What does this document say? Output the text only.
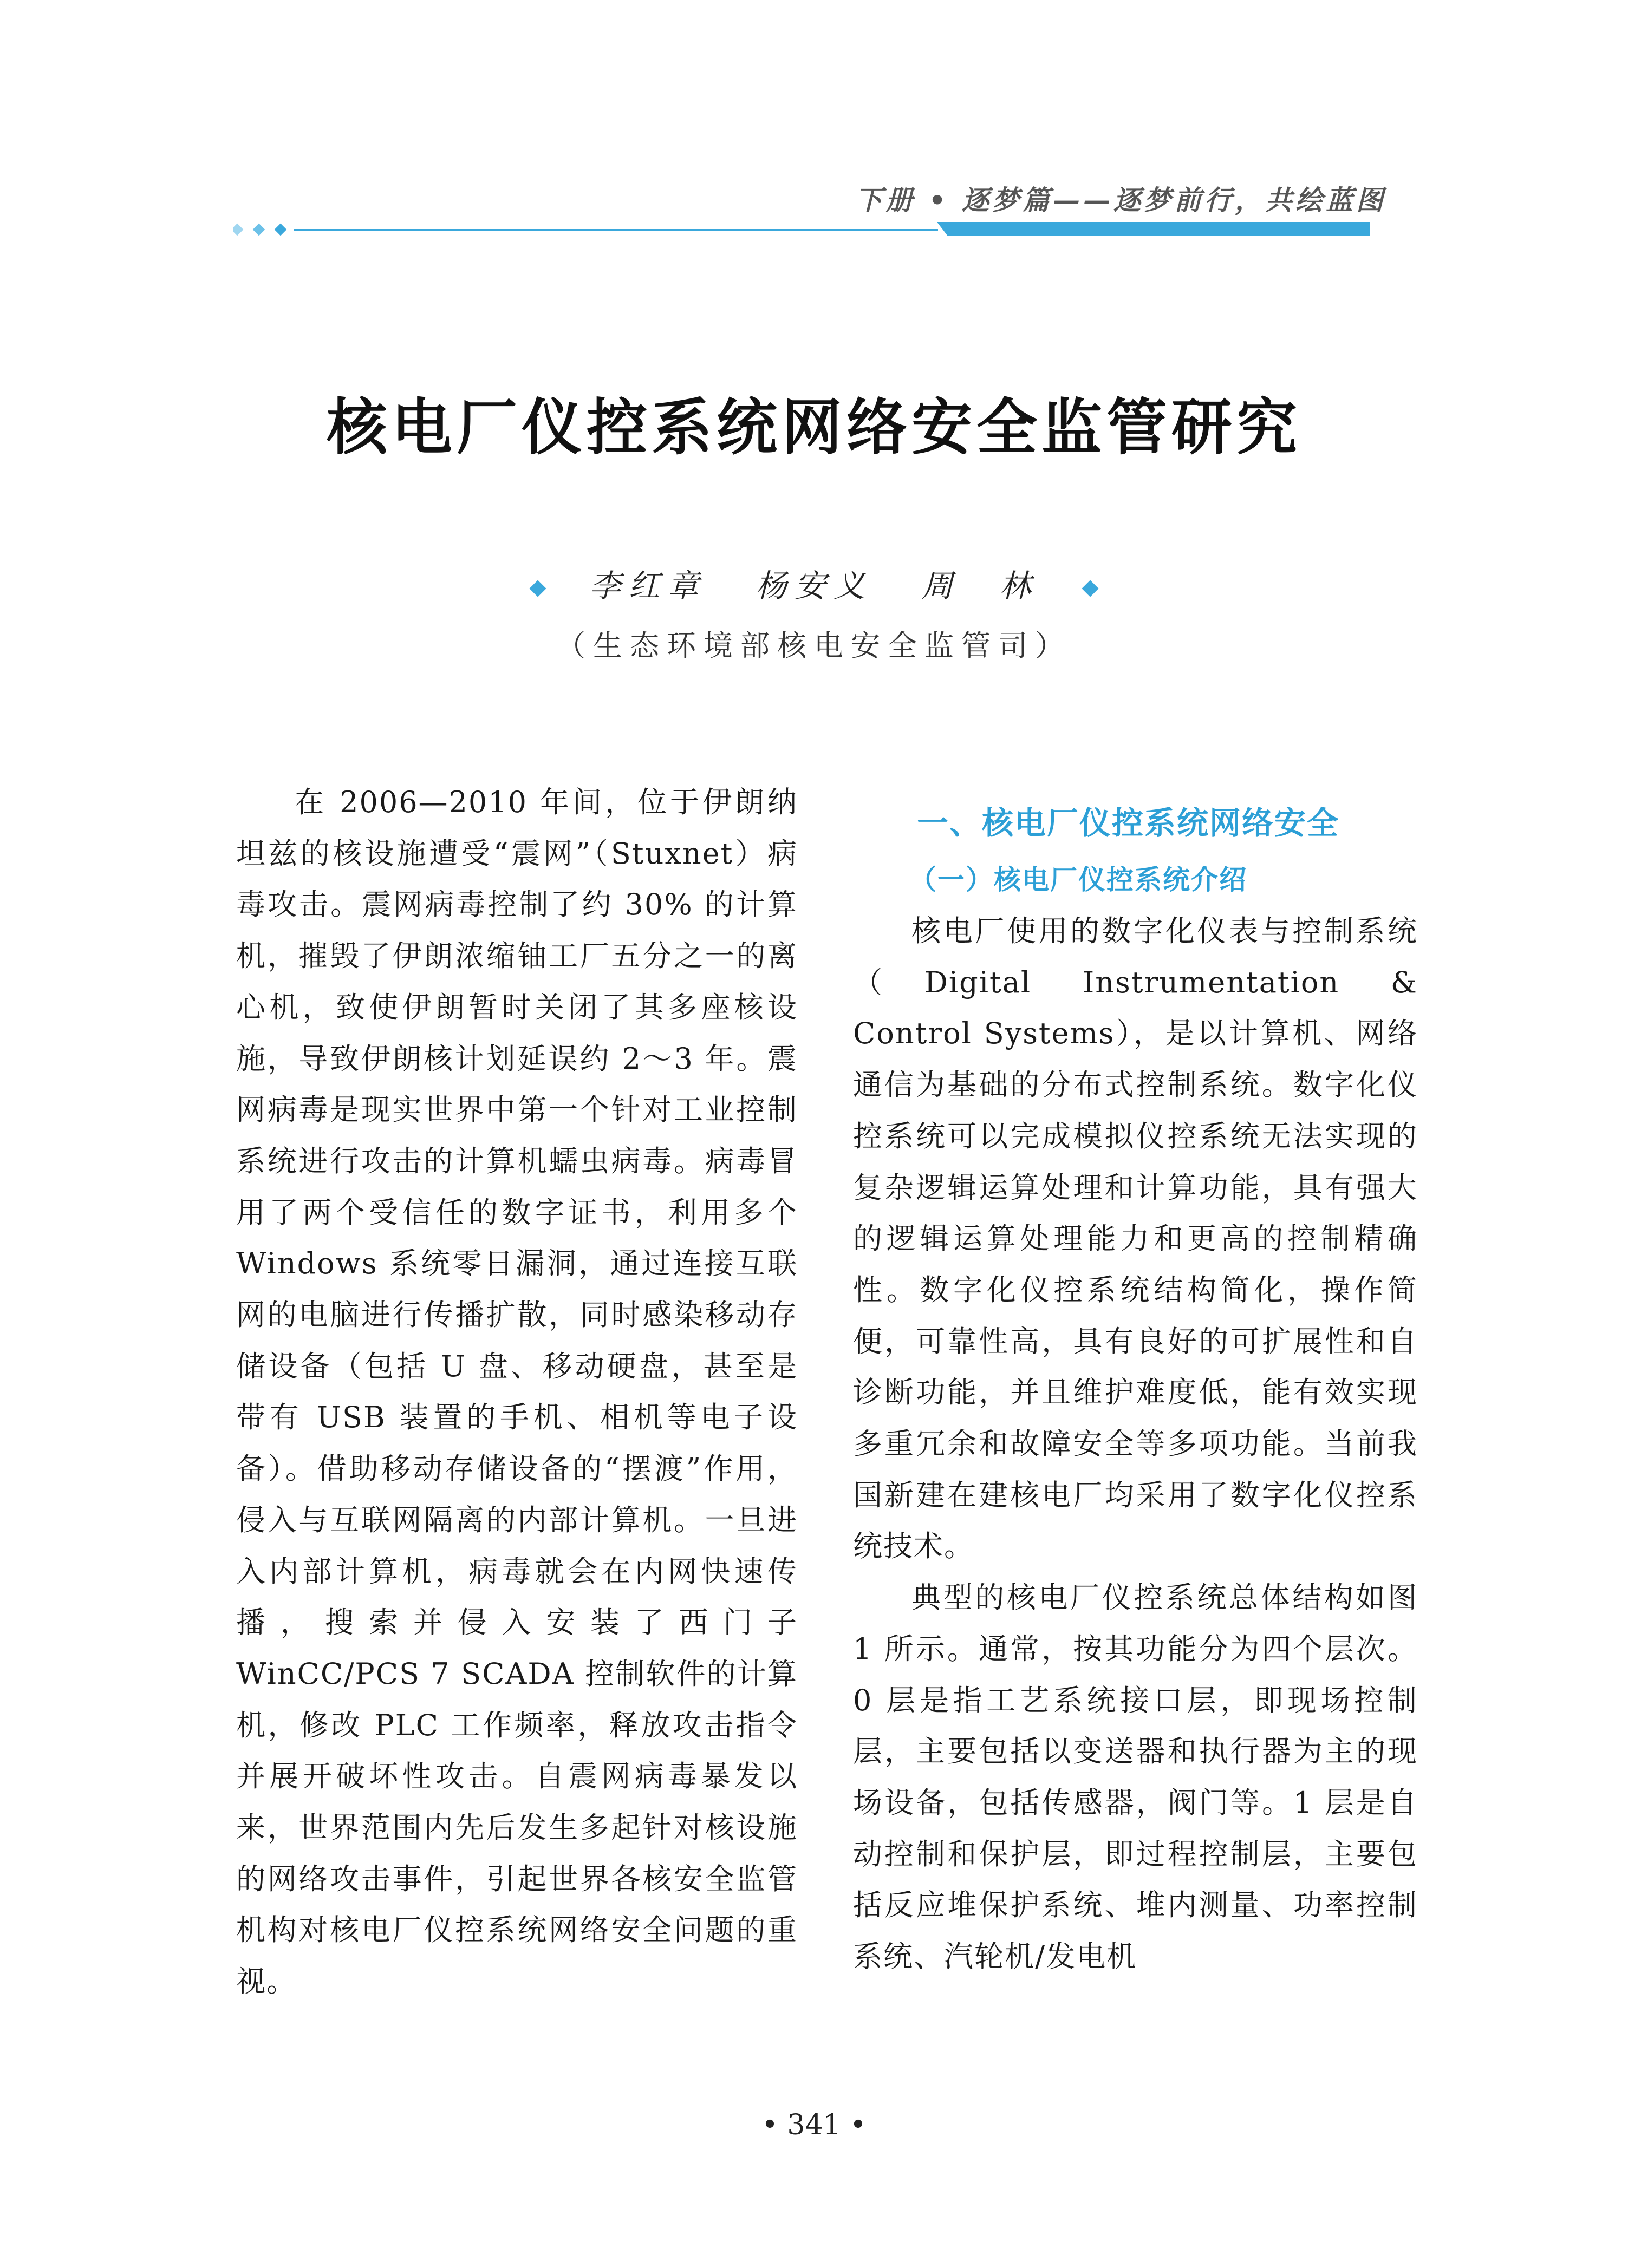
下册 • 逐梦篇——逐梦前行，共绘蓝图
核电厂仪控系统网络安全监管研究
李红章 杨安义 周　林
（生态环境部核电安全监管司）

在 2006—2010 年间，位于伊朗纳坦兹的核设施遭受“震网”（Stuxnet）病毒攻击。震网病毒控制了约 30% 的计算机，摧毁了伊朗浓缩铀工厂五分之一的离心机，致使伊朗暂时关闭了其多座核设施，导致伊朗核计划延误约 2～3 年。震网病毒是现实世界中第一个针对工业控制系统进行攻击的计算机蠕虫病毒。病毒冒用了两个受信任的数字证书，利用多个 Windows 系统零日漏洞，通过连接互联网的电脑进行传播扩散，同时感染移动存储设备（包括 U 盘、移动硬盘，甚至是带有 USB 装置的手机、相机等电子设备）。借助移动存储设备的“摆渡”作用，侵入与互联网隔离的内部计算机。一旦进入内部计算机，病毒就会在内网快速传播，搜索并侵入安装了西门子 WinCC/PCS 7 SCADA 控制软件的计算机，修改 PLC 工作频率，释放攻击指令并展开破坏性攻击。自震网病毒暴发以来，世界范围内先后发生多起针对核设施的网络攻击事件，引起世界各核安全监管机构对核电厂仪控系统网络安全问题的重视。

一、核电厂仪控系统网络安全
（一）核电厂仪控系统介绍

核电厂使用的数字化仪表与控制系统（Digital Instrumentation & Control Systems），是以计算机、网络通信为基础的分布式控制系统。数字化仪控系统可以完成模拟仪控系统无法实现的复杂逻辑运算处理和计算功能，具有强大的逻辑运算处理能力和更高的控制精确性。数字化仪控系统结构简化，操作简便，可靠性高，具有良好的可扩展性和自诊断功能，并且维护难度低，能有效实现多重冗余和故障安全等多项功能。当前我国新建在建核电厂均采用了数字化仪控系统技术。

典型的核电厂仪控系统总体结构如图 1 所示。通常，按其功能分为四个层次。0 层是指工艺系统接口层，即现场控制层，主要包括以变送器和执行器为主的现场设备，包括传感器，阀门等。1 层是自动控制和保护层，即过程控制层，主要包括反应堆保护系统、堆内测量、功率控制系统、汽轮机/发电机

• 341 •
